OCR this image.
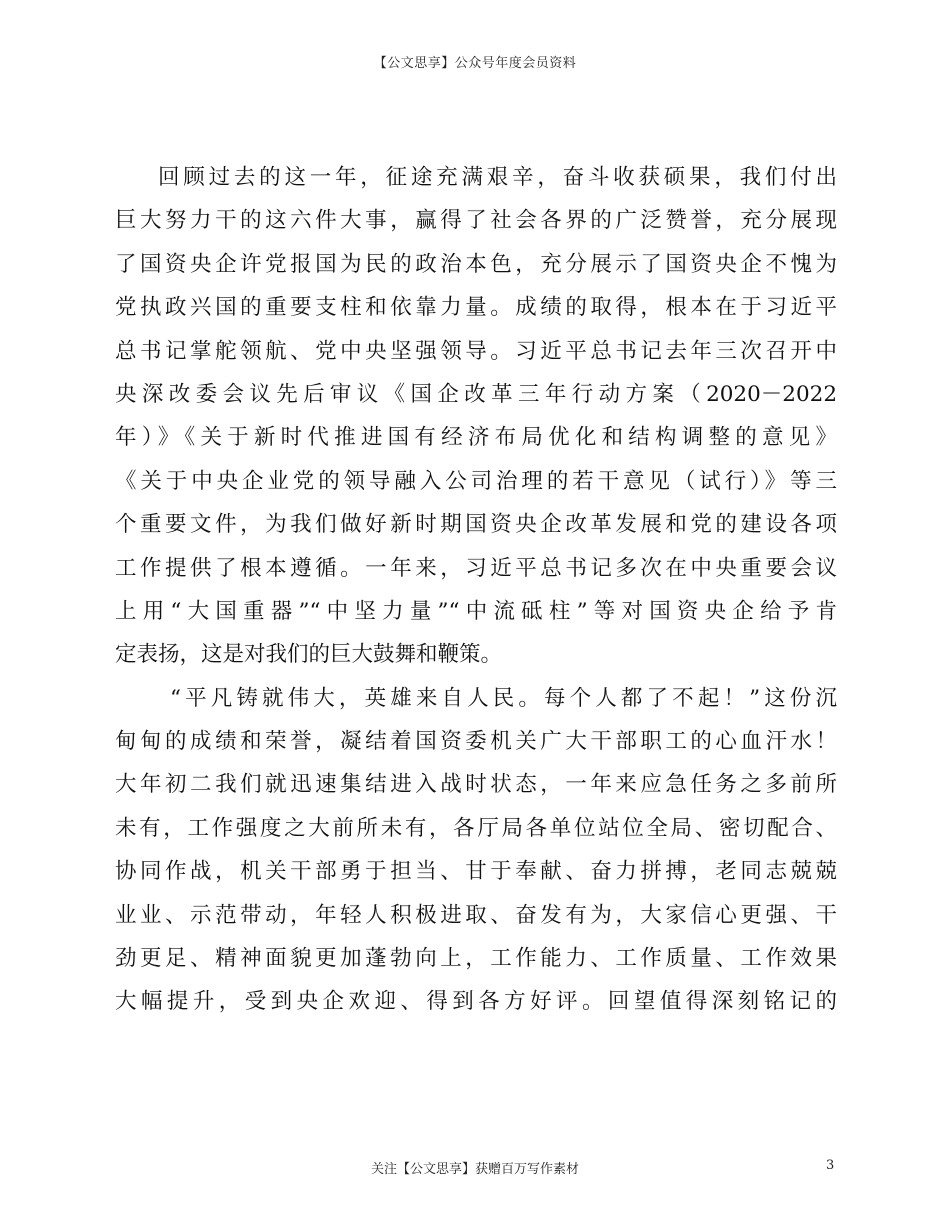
【公文思享】公众号年度会员资料
回顾过去的这一年，征途充满艰辛，奋斗收获硕果，我们付出
巨大努力干的这六件大事，赢得了社会各界的广泛赞誉，充分展现
了国资央企许党报国为民的政治本色，充分展示了国资央企不愧为
党执政兴国的重要支柱和依靠力量。成绩的取得，根本在于习近平
总书记掌舵领航、党中央坚强领导。习近平总书记去年三次召开中
央深改委会议先后审议《国企改革三年行动方案（2020－2022
年）》《关于新时代推进国有经济布局优化和结构调整的意见》
《关于中央企业党的领导融入公司治理的若干意见（试行）》等三
个重要文件，为我们做好新时期国资央企改革发展和党的建设各项
工作提供了根本遵循。一年来，习近平总书记多次在中央重要会议
上用“大国重器”“中坚力量”“中流砥柱”等对国资央企给予肯
定表扬，这是对我们的巨大鼓舞和鞭策。
“平凡铸就伟大，英雄来自人民。每个人都了不起！”这份沉
甸甸的成绩和荣誉，凝结着国资委机关广大干部职工的心血汗水！
大年初二我们就迅速集结进入战时状态，一年来应急任务之多前所
未有，工作强度之大前所未有，各厅局各单位站位全局、密切配合、
协同作战，机关干部勇于担当、甘于奉献、奋力拼搏，老同志兢兢
业业、示范带动，年轻人积极进取、奋发有为，大家信心更强、干
劲更足、精神面貌更加蓬勃向上，工作能力、工作质量、工作效果
大幅提升，受到央企欢迎、得到各方好评。回望值得深刻铭记的
关注【公文思享】获赠百万写作素材	3
